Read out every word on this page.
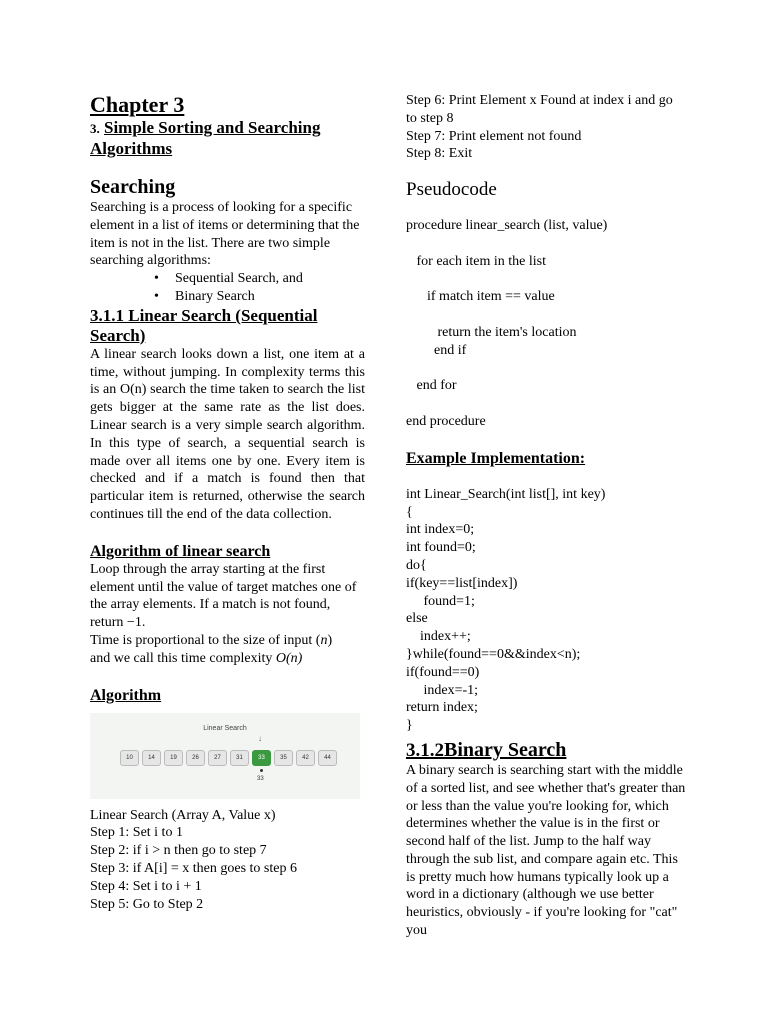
Chapter 3
3. Simple Sorting and Searching
Algorithms
Searching

Searching is a process of looking for a specific element in a list of items or determining that the item is not in the list. There are two simple searching algorithms:

• Sequential Search, and
• Binary Search
3.1.1 Linear Search (Sequential
Search)

A linear search looks down a list, one item at a time, without jumping. In complexity terms this is an O(n) search the time taken to search the list gets bigger at the same rate as the list does. Linear search is a very simple search algorithm. In this type of search, a sequential search is made over all items one by one. Every item is checked and if a match is found then that particular item is returned, otherwise the search continues till the end of the data collection.

Algorithm of linear search

Loop through the array starting at the first element until the value of target matches one of the array elements. If a match is not found, return −1.

Time is proportional to the size of input (n)
and we call this time complexity O(n)

Algorithm
Linear Search
↓
10	14	19	26	27	31	33	35	42	44
33

Linear Search (Array A, Value x)

Step 1: Set i to 1

Step 2: if i > n then go to step 7

Step 3: if A[i] = x then goes to step 6

Step 4: Set i to i + 1

Step 5: Go to Step 2

Step 6: Print Element x Found at index i and go to step 8

Step 7: Print element not found

Step 8: Exit

Pseudocode
procedure linear_search (list, value)
for each item in the list
if match item == value
return the item's location
end if
end for
end procedure
Example Implementation:
int Linear_Search(int list[], int key)
{
int index=0;
int found=0;
do{
if(key==list[index])
found=1;
else
index++;
}while(found==0&&index<n);
if(found==0)
index=-1;
return index;
}
3.1.2Binary Search

A binary search is searching start with the middle of a sorted list, and see whether that's greater than or less than the value you're looking for, which determines whether the value is in the first or second half of the list. Jump to the half way through the sub list, and compare again etc. This is pretty much how humans typically look up a word in a dictionary (although we use better heuristics, obviously - if you're looking for "cat" you
